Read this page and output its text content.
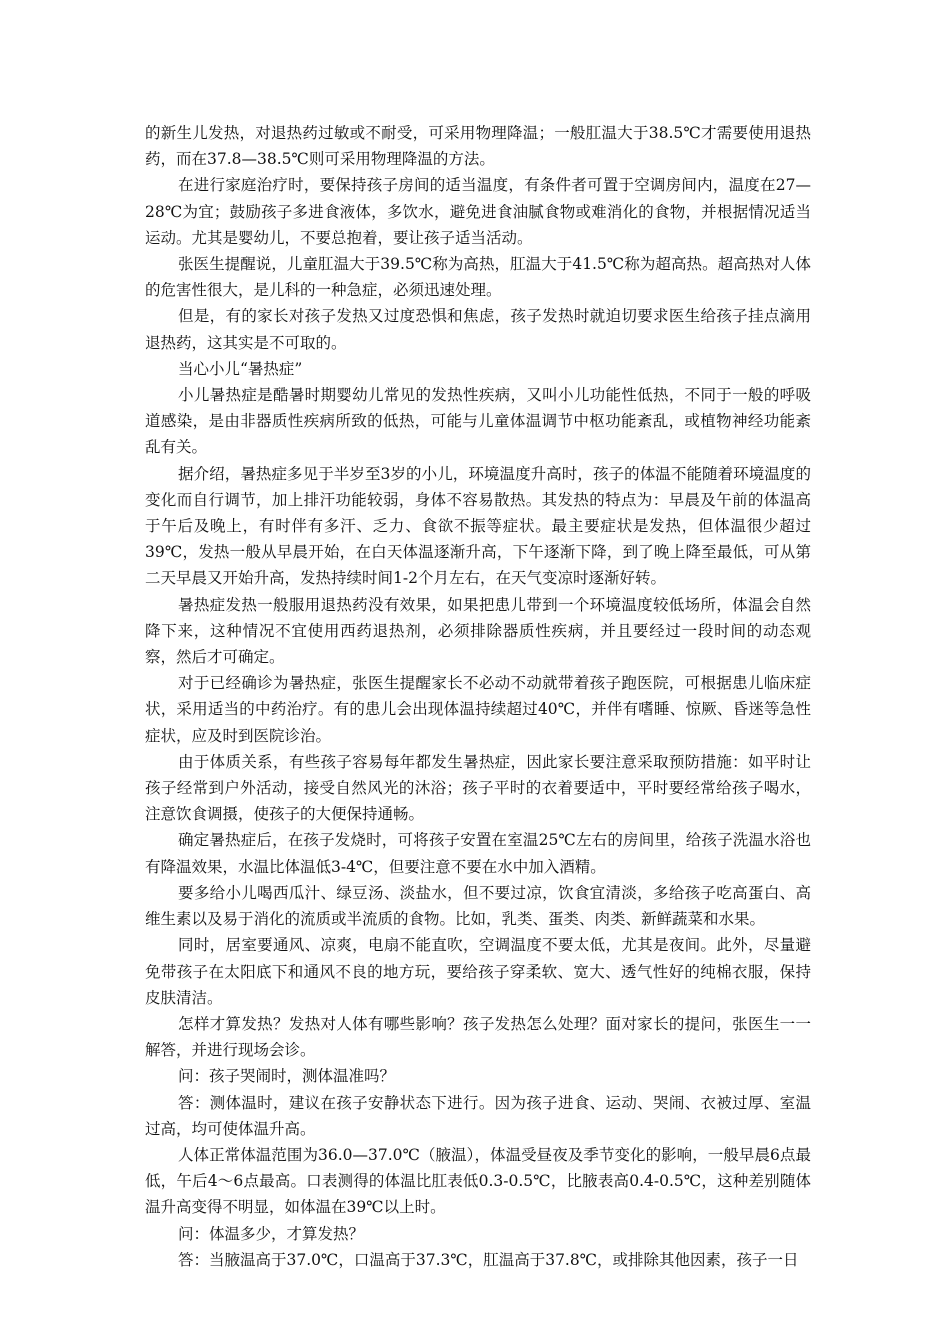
的新生儿发热，对退热药过敏或不耐受，可采用物理降温；一般肛温大于38.5℃才需要使用退热药，而在37.8—38.5℃则可采用物理降温的方法。

在进行家庭治疗时，要保持孩子房间的适当温度，有条件者可置于空调房间内，温度在27—28℃为宜；鼓励孩子多进食液体，多饮水，避免进食油腻食物或难消化的食物，并根据情况适当运动。尤其是婴幼儿，不要总抱着，要让孩子适当活动。

张医生提醒说，儿童肛温大于39.5℃称为高热，肛温大于41.5℃称为超高热。超高热对人体的危害性很大，是儿科的一种急症，必须迅速处理。

但是，有的家长对孩子发热又过度恐惧和焦虑，孩子发热时就迫切要求医生给孩子挂点滴用退热药，这其实是不可取的。

当心小儿“暑热症”

小儿暑热症是酷暑时期婴幼儿常见的发热性疾病，又叫小儿功能性低热，不同于一般的呼吸道感染，是由非器质性疾病所致的低热，可能与儿童体温调节中枢功能紊乱，或植物神经功能紊乱有关。

据介绍，暑热症多见于半岁至3岁的小儿，环境温度升高时，孩子的体温不能随着环境温度的变化而自行调节，加上排汗功能较弱，身体不容易散热。其发热的特点为：早晨及午前的体温高于午后及晚上，有时伴有多汗、乏力、食欲不振等症状。最主要症状是发热，但体温很少超过39℃，发热一般从早晨开始，在白天体温逐渐升高，下午逐渐下降，到了晚上降至最低，可从第二天早晨又开始升高，发热持续时间1-2个月左右，在天气变凉时逐渐好转。

暑热症发热一般服用退热药没有效果，如果把患儿带到一个环境温度较低场所，体温会自然降下来，这种情况不宜使用西药退热剂，必须排除器质性疾病，并且要经过一段时间的动态观察，然后才可确定。

对于已经确诊为暑热症，张医生提醒家长不必动不动就带着孩子跑医院，可根据患儿临床症状，采用适当的中药治疗。有的患儿会出现体温持续超过40℃，并伴有嗜睡、惊厥、昏迷等急性症状，应及时到医院诊治。

由于体质关系，有些孩子容易每年都发生暑热症，因此家长要注意采取预防措施：如平时让孩子经常到户外活动，接受自然风光的沐浴；孩子平时的衣着要适中，平时要经常给孩子喝水，注意饮食调摄，使孩子的大便保持通畅。

确定暑热症后，在孩子发烧时，可将孩子安置在室温25℃左右的房间里，给孩子洗温水浴也有降温效果，水温比体温低3-4℃，但要注意不要在水中加入酒精。

要多给小儿喝西瓜汁、绿豆汤、淡盐水，但不要过凉，饮食宜清淡，多给孩子吃高蛋白、高维生素以及易于消化的流质或半流质的食物。比如，乳类、蛋类、肉类、新鲜蔬菜和水果。

同时，居室要通风、凉爽，电扇不能直吹，空调温度不要太低，尤其是夜间。此外，尽量避免带孩子在太阳底下和通风不良的地方玩，要给孩子穿柔软、宽大、透气性好的纯棉衣服，保持皮肤清洁。

怎样才算发热？发热对人体有哪些影响？孩子发热怎么处理？面对家长的提问，张医生一一解答，并进行现场会诊。

问：孩子哭闹时，测体温准吗？

答：测体温时，建议在孩子安静状态下进行。因为孩子进食、运动、哭闹、衣被过厚、室温过高，均可使体温升高。

人体正常体温范围为36.0—37.0℃（腋温），体温受昼夜及季节变化的影响，一般早晨6点最低，午后4～6点最高。口表测得的体温比肛表低0.3-0.5℃，比腋表高0.4-0.5℃，这种差别随体温升高变得不明显，如体温在39℃以上时。

问：体温多少，才算发热？

答：当腋温高于37.0℃，口温高于37.3℃，肛温高于37.8℃，或排除其他因素，孩子一日
